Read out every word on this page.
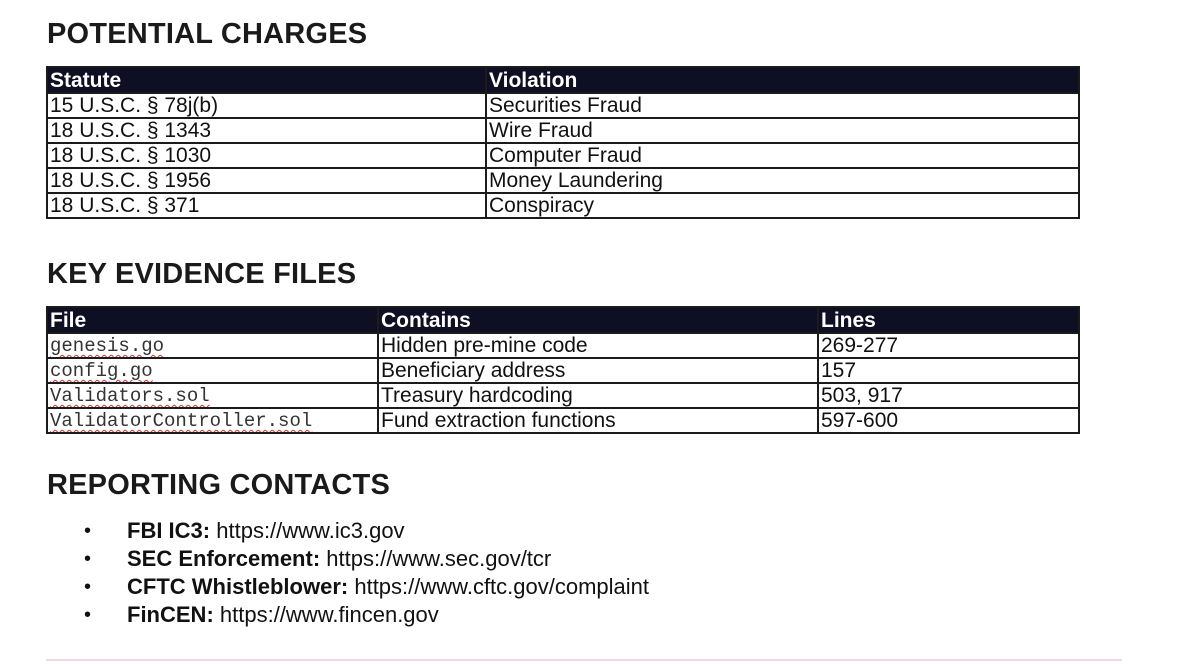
POTENTIAL CHARGES
Statute	Violation
15 U.S.C. § 78j(b)	Securities Fraud
18 U.S.C. § 1343	Wire Fraud
18 U.S.C. § 1030	Computer Fraud
18 U.S.C. § 1956	Money Laundering
18 U.S.C. § 371	Conspiracy
KEY EVIDENCE FILES
File	Contains	Lines
genesis.go	Hidden pre-mine code	269-277
config.go	Beneficiary address	157
Validators.sol	Treasury hardcoding	503, 917
ValidatorController.sol	Fund extraction functions	597-600
REPORTING CONTACTS
• FBI IC3: https://www.ic3.gov
• SEC Enforcement: https://www.sec.gov/tcr
• CFTC Whistleblower: https://www.cftc.gov/complaint
• FinCEN: https://www.fincen.gov
